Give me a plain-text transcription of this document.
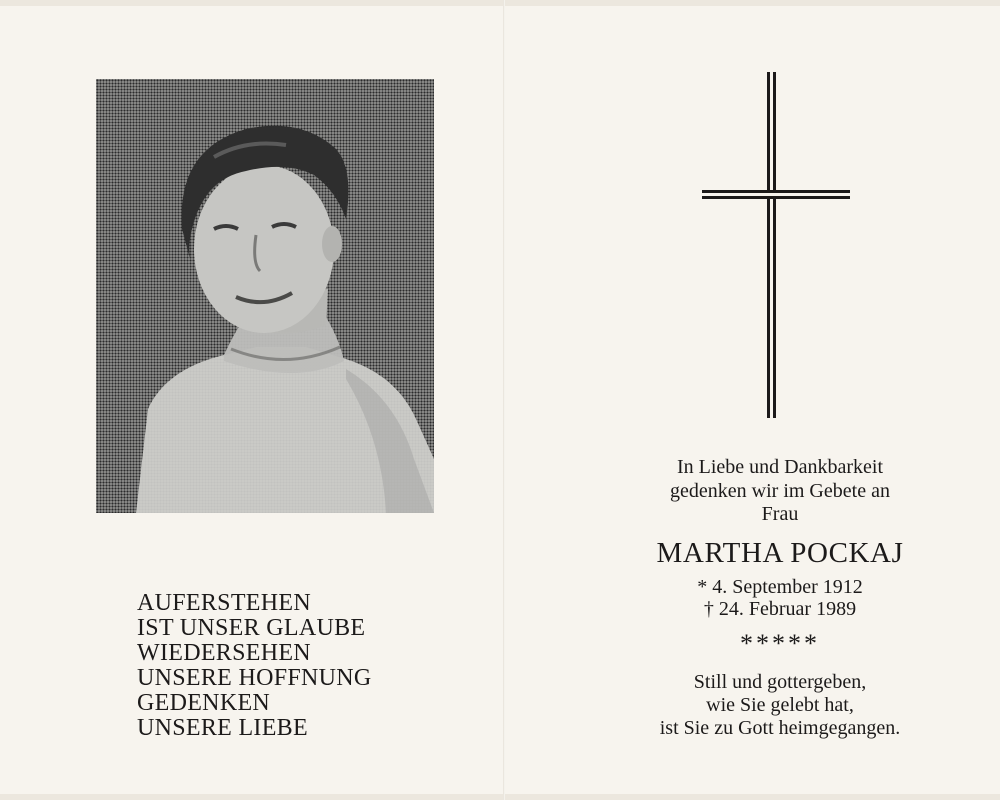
AUFERSTEHEN
IST UNSER GLAUBE
WIEDERSEHEN
UNSERE HOFFNUNG
GEDENKEN
UNSERE LIEBE
In Liebe und Dankbarkeit
gedenken wir im Gebete an
Frau
MARTHA POCKAJ
* 4. September 1912
† 24. Februar 1989
*****
Still und gottergeben,
wie Sie gelebt hat,
ist Sie zu Gott heimgegangen.
